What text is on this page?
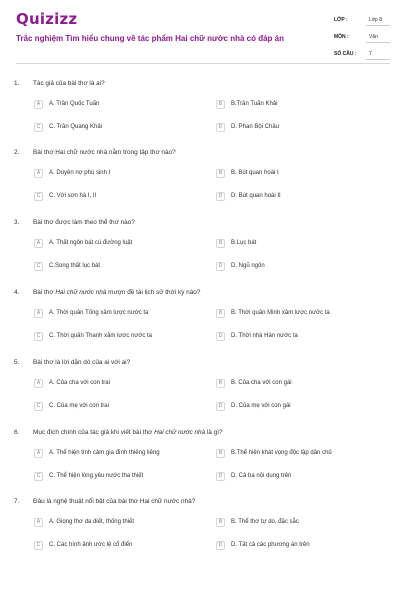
Quizizz
Trắc nghiệm Tìm hiểu chung về tác phẩm Hai chữ nước nhà có đáp án
LỚP :	Lớp 8
MÔN :	Văn
SỐ CÂU :	7
1.	Tác giả của bài thơ là ai?
A	A. Trần Quốc Tuấn	B	B.Trần Tuấn Khải
C	C. Trần Quang Khải	D	D. Phan Bội Châu
2.	Bài thơ Hai chữ nước nhà nằm trong tập thơ nào?
A	A. Duyên nợ phù sinh I	B	B. Bút quan hoài I
C	C. Với sơn hà I, II	D	D. Bút quan hoài II
3.	Bài thơ được làm theo thể thơ nào?
A	A. Thất ngôn bát cú đường luật	B	B.Lục bát
C	C.Song thất lục bát	D	D. Ngũ ngôn
4.	Bài thơ Hai chữ nước nhà mượn đề tài lịch sử thời kỳ nào?
A	A. Thời quân Tống xâm lược nước ta	B	B. Thời quân Minh xâm lược nước ta
C	C. Thời quân Thanh xâm lược nước ta	D	D. Thời nhà Hán nước ta
5.	Bài thơ là lời dặn dò của ai với ai?
A	A. Của cha với con trai	B	B. Của cha với con gái
C	C. Của mẹ với con trai	D	D. Của mẹ với con gái
6.	Mục đích chính của tác giả khi viết bài thơ Hai chữ nước nhà là gì?
A	A. Thể hiện tình cảm gia đình thiêng liêng	B	B.Thể hiện khát vọng độc lập dân chủ
C	C. Thể hiện lòng yêu nước tha thiết	D	D. Cả ba nội dung trên
7.	Đâu là nghệ thuật nổi bật của bài thơ Hai chữ nước nhà?
A	A. Giọng thơ da diết, thống thiết	B	B. Thể thơ tự do, đặc sắc
C	C. Các hình ảnh ước lệ cổ điển	D	D. Tất cả các phương án trên
